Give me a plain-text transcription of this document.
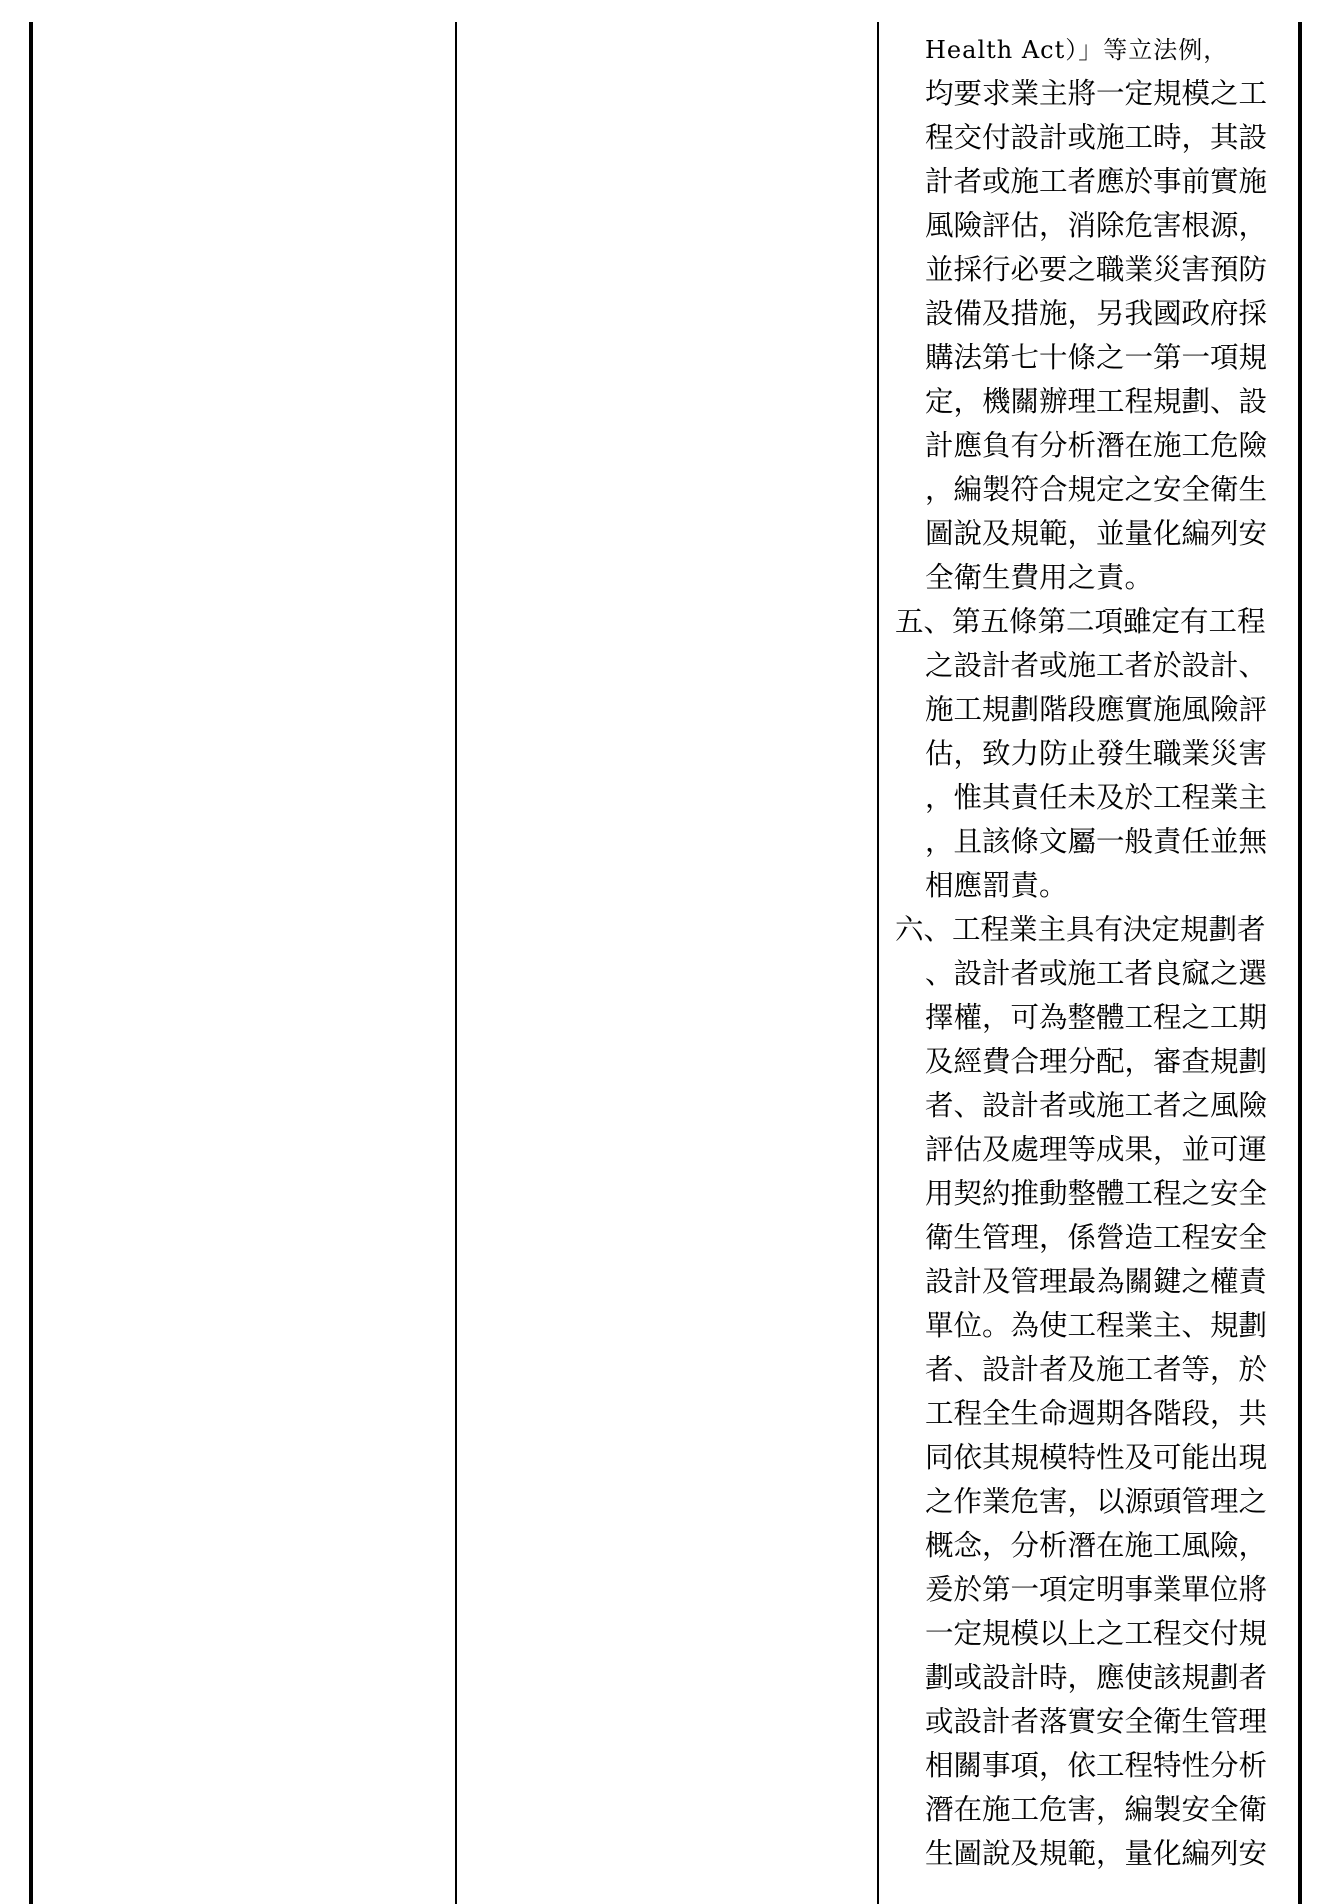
Health Act）」等立法例，
均要求業主將一定規模之工
程交付設計或施工時，其設
計者或施工者應於事前實施
風險評估，消除危害根源，
並採行必要之職業災害預防
設備及措施，另我國政府採
購法第七十條之一第一項規
定，機關辦理工程規劃、設
計應負有分析潛在施工危險
，編製符合規定之安全衛生
圖說及規範，並量化編列安
全衛生費用之責。
五、第五條第二項雖定有工程
之設計者或施工者於設計、
施工規劃階段應實施風險評
估，致力防止發生職業災害
，惟其責任未及於工程業主
，且該條文屬一般責任並無
相應罰責。
六、工程業主具有決定規劃者
、設計者或施工者良窳之選
擇權，可為整體工程之工期
及經費合理分配，審查規劃
者、設計者或施工者之風險
評估及處理等成果，並可運
用契約推動整體工程之安全
衛生管理，係營造工程安全
設計及管理最為關鍵之權責
單位。為使工程業主、規劃
者、設計者及施工者等，於
工程全生命週期各階段，共
同依其規模特性及可能出現
之作業危害，以源頭管理之
概念，分析潛在施工風險，
爰於第一項定明事業單位將
一定規模以上之工程交付規
劃或設計時，應使該規劃者
或設計者落實安全衛生管理
相關事項，依工程特性分析
潛在施工危害，編製安全衛
生圖說及規範，量化編列安
